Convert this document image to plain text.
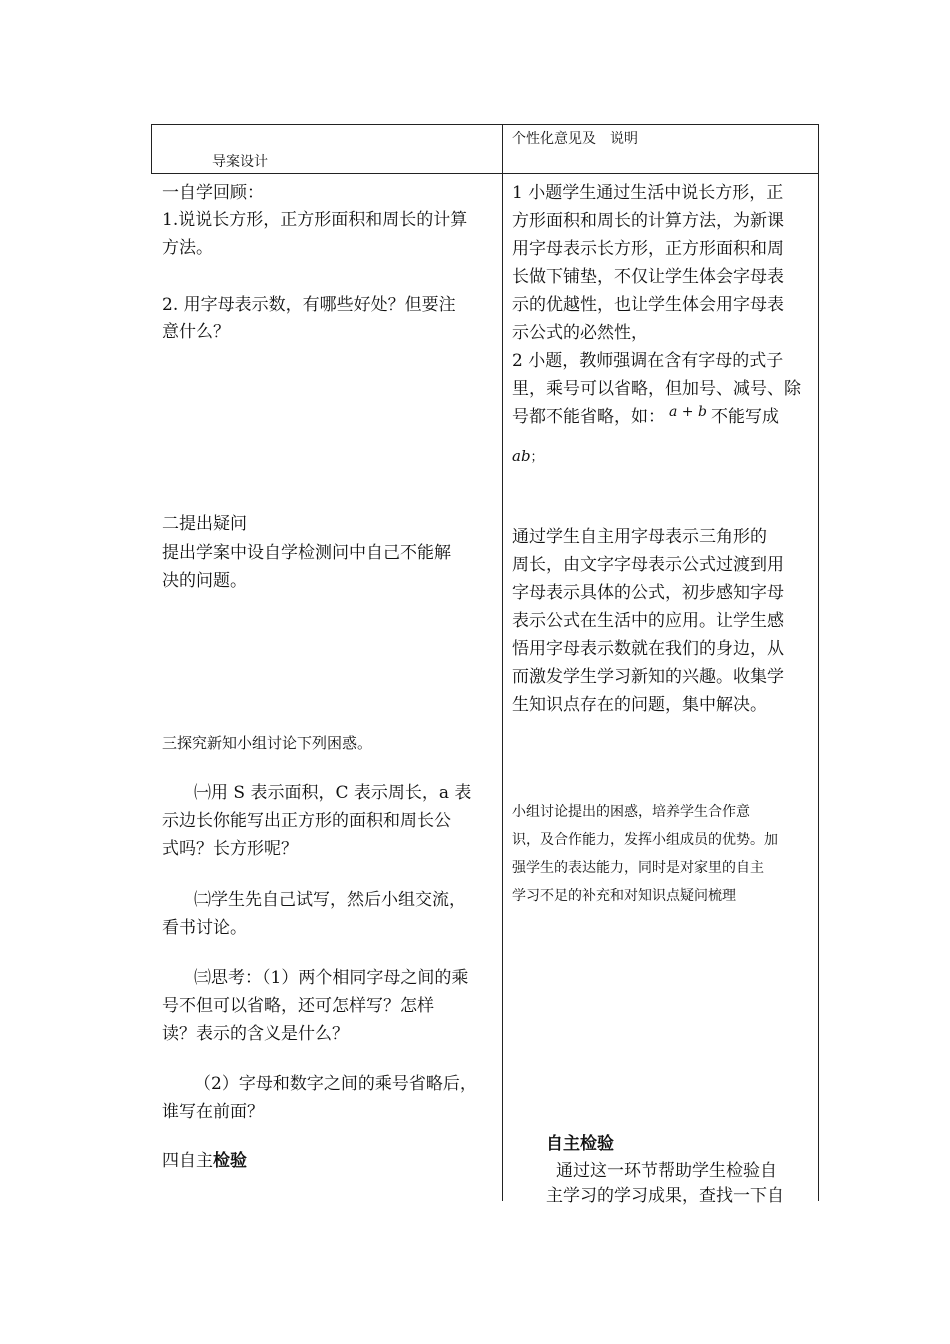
导案设计
个性化意见及　说明
一自学回顾：
1.说说长方形，正方形面积和周长的计算
方法。
2. 用字母表示数，有哪些好处？但要注
意什么？
二提出疑问
提出学案中设自学检测问中自己不能解
决的问题。
三探究新知小组讨论下列困惑。
㈠用 S 表示面积，C 表示周长，a 表
示边长你能写出正方形的面积和周长公
式吗？长方形呢？
㈡学生先自己试写，然后小组交流，
看书讨论。
㈢思考：（1）两个相同字母之间的乘
号不但可以省略，还可怎样写？怎样
读？表示的含义是什么？
（2）字母和数字之间的乘号省略后，
谁写在前面？
四自主检验
1 小题学生通过生活中说长方形，正
方形面积和周长的计算方法，为新课
用字母表示长方形，正方形面积和周
长做下铺垫，不仅让学生体会字母表
示的优越性，也让学生体会用字母表
示公式的必然性，
2 小题，教师强调在含有字母的式子
里，乘号可以省略，但加号、减号、除
号都不能省略，如： $^{a + b}$ 不能写成
ab；
通过学生自主用字母表示三角形的
周长，由文字字母表示公式过渡到用
字母表示具体的公式，初步感知字母
表示公式在生活中的应用。让学生感
悟用字母表示数就在我们的身边，从
而激发学生学习新知的兴趣。收集学
生知识点存在的问题，集中解决。
小组讨论提出的困惑，培养学生合作意
识，及合作能力，发挥小组成员的优势。加
强学生的表达能力，同时是对家里的自主
学习不足的补充和对知识点疑问梳理
自主检验
通过这一环节帮助学生检验自
主学习的学习成果，查找一下自
